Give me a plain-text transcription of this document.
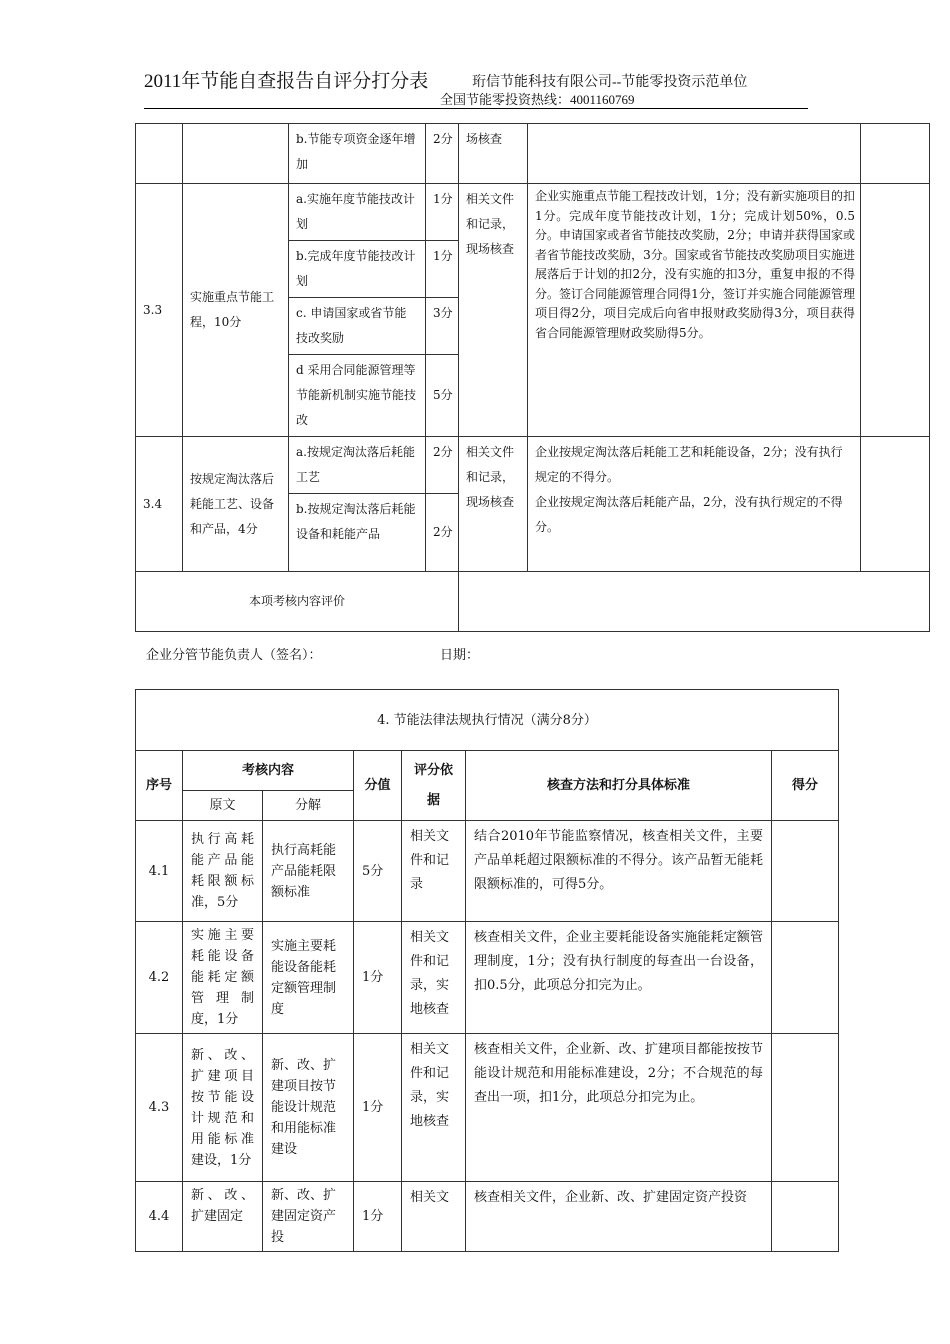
2011年节能自查报告自评分打分表	珩信节能科技有限公司--节能零投资示范单位
全国节能零投资热线：4001160769
		b.节能专项资金逐年增加	2分	场核查		
3.3	实施重点节能工程，10分	a.实施年度节能技改计划	1分	相关文件和记录，现场核查	企业实施重点节能工程技改计划，1分；没有新实施项目的扣1分。完成年度节能技改计划，1分；完成计划50%，0.5分。申请国家或者省节能技改奖励，2分；申请并获得国家或者省节能技改奖励，3分。国家或省节能技改奖励项目实施进展落后于计划的扣2分，没有实施的扣3分，重复申报的不得分。签订合同能源管理合同得1分，签订并实施合同能源管理项目得2分，项目完成后向省申报财政奖励得3分，项目获得省合同能源管理财政奖励得5分。	
		b.完成年度节能技改计划	1分			
		c. 申请国家或省节能技改奖励	3分			
		d 采用合同能源管理等节能新机制实施节能技改	5分			
3.4	按规定淘汰落后耗能工艺、设备和产品，4分	a.按规定淘汰落后耗能工艺	2分	相关文件和记录，现场核查	企业按规定淘汰落后耗能工艺和耗能设备，2分；没有执行规定的不得分。
企业按规定淘汰落后耗能产品，2分，没有执行规定的不得分。	

		b.按规定淘汰落后耗能设备和耗能产品	2分			
本项考核内容评价						
企业分管节能负责人（签名）：	日期：
4. 节能法律法规执行情况（满分8分）						
序号	考核内容		分值	评分依据	核查方法和打分具体标准	得分
	原文	分解				
4.1	执行高耗能产品能耗限额标准，5分	执行高耗能产品能耗限额标准	5分	相关文件和记录	结合2010年节能监察情况，核查相关文件，主要产品单耗超过限额标准的不得分。该产品暂无能耗限额标准的，可得5分。	
4.2	实施主要耗能设备能耗定额管理制度，1分	实施主要耗能设备能耗定额管理制度	1分	相关文件和记录，实地核查	核查相关文件，企业主要耗能设备实施能耗定额管理制度，1分；没有执行制度的每查出一台设备，扣0.5分，此项总分扣完为止。	
4.3	新、改、扩建项目按节能设计规范和用能标准建设，1分	新、改、扩建项目按节能设计规范和用能标准建设	1分	相关文件和记录，实地核查	核查相关文件，企业新、改、扩建项目都能按按节能设计规范和用能标准建设，2分；不合规范的每查出一项，扣1分，此项总分扣完为止。	
4.4	新、改、扩建固定	新、改、扩建固定资产投	1分	相关文	核查相关文件，企业新、改、扩建固定资产投资	
